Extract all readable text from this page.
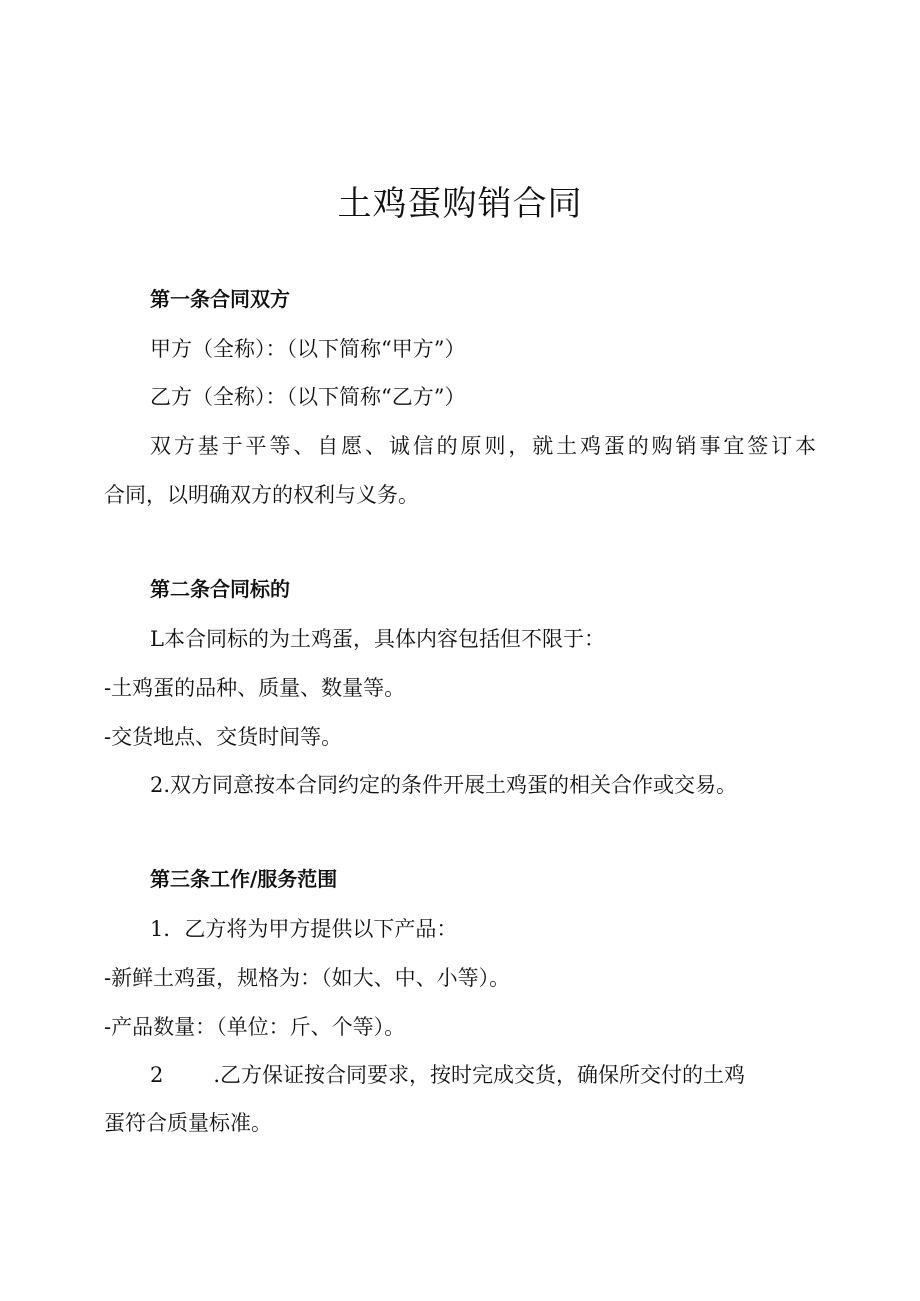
土鸡蛋购销合同

第一条合同双方

甲方（全称）：（以下简称“甲方”）

乙方（全称）：（以下简称“乙方”）

双方基于平等、自愿、诚信的原则，就土鸡蛋的购销事宜签订本

合同，以明确双方的权利与义务。

第二条合同标的

L本合同标的为土鸡蛋，具体内容包括但不限于：

-土鸡蛋的品种、质量、数量等。

-交货地点、交货时间等。

2.双方同意按本合同约定的条件开展土鸡蛋的相关合作或交易。

第三条工作/服务范围

1．乙方将为甲方提供以下产品：

-新鲜土鸡蛋，规格为：（如大、中、小等）。

-产品数量：（单位：斤、个等）。

2 .乙方保证按合同要求，按时完成交货，确保所交付的土鸡

蛋符合质量标准。
